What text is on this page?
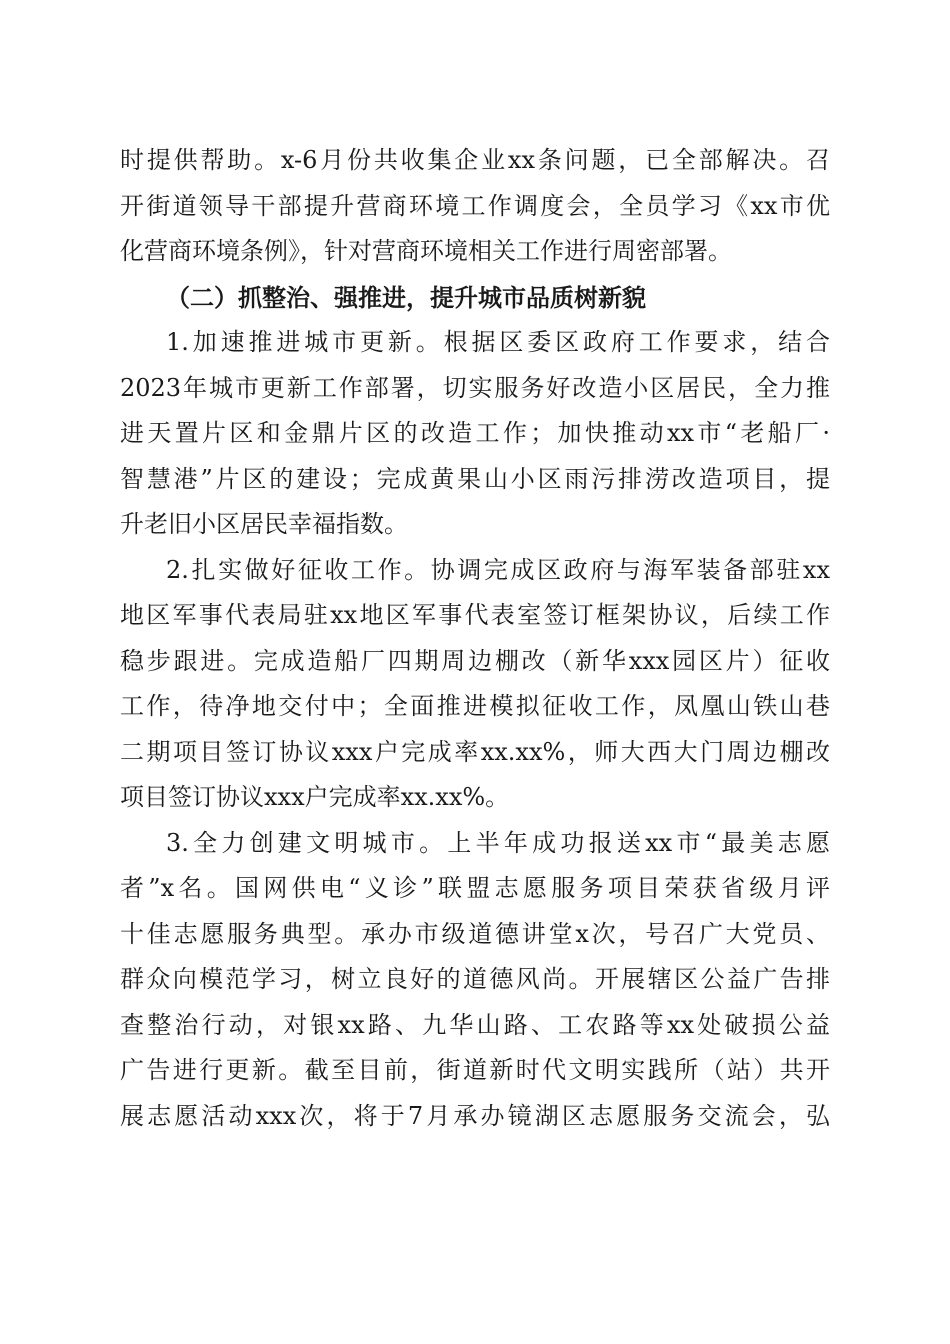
时提供帮助。x-6月份共收集企业xx条问题，已全部解决。召
开街道领导干部提升营商环境工作调度会，全员学习《xx市优
化营商环境条例》，针对营商环境相关工作进行周密部署。
（二）抓整治、强推进，提升城市品质树新貌
1.加速推进城市更新。根据区委区政府工作要求，结合
2023年城市更新工作部署，切实服务好改造小区居民，全力推
进天置片区和金鼎片区的改造工作；加快推动xx市“老船厂·
智慧港”片区的建设；完成黄果山小区雨污排涝改造项目，提
升老旧小区居民幸福指数。
2.扎实做好征收工作。协调完成区政府与海军装备部驻xx
地区军事代表局驻xx地区军事代表室签订框架协议，后续工作
稳步跟进。完成造船厂四期周边棚改（新华xxx园区片）征收
工作，待净地交付中；全面推进模拟征收工作，凤凰山铁山巷
二期项目签订协议xxx户完成率xx.xx%，师大西大门周边棚改
项目签订协议xxx户完成率xx.xx%。
3.全力创建文明城市。上半年成功报送xx市“最美志愿
者”x名。国网供电“义诊”联盟志愿服务项目荣获省级月评
十佳志愿服务典型。承办市级道德讲堂x次，号召广大党员、
群众向模范学习，树立良好的道德风尚。开展辖区公益广告排
查整治行动，对银xx路、九华山路、工农路等xx处破损公益
广告进行更新。截至目前，街道新时代文明实践所（站）共开
展志愿活动xxx次，将于7月承办镜湖区志愿服务交流会，弘
